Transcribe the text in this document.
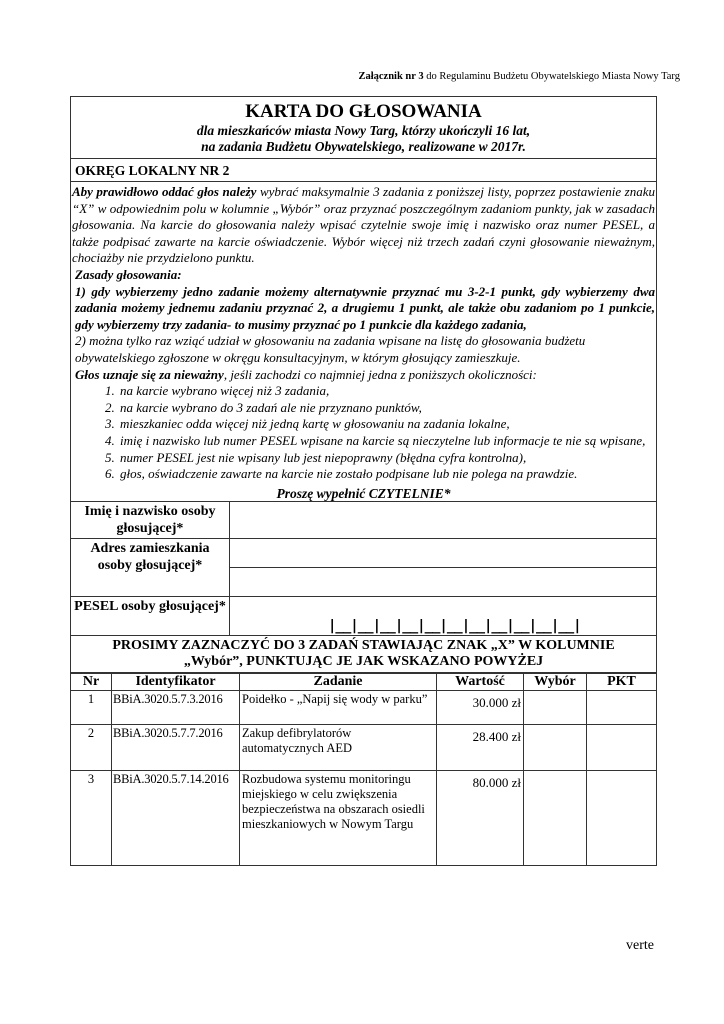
Załącznik nr 3 do Regulaminu Budżetu Obywatelskiego Miasta Nowy Targ
KARTA DO GŁOSOWANIA
dla mieszkańców miasta Nowy Targ, którzy ukończyli 16 lat,
na zadania Budżetu Obywatelskiego, realizowane w 2017r.
OKRĘG LOKALNY NR 2
Aby prawidłowo oddać głos należy wybrać maksymalnie 3 zadania z poniższej listy, poprzez postawienie znaku “X” w odpowiednim polu w kolumnie „Wybór” oraz przyznać poszczególnym zadaniom punkty, jak w zasadach głosowania. Na karcie do głosowania należy wpisać czytelnie swoje imię i nazwisko oraz numer PESEL, a także podpisać zawarte na karcie oświadczenie. Wybór więcej niż trzech zadań czyni głosowanie nieważnym, chociażby nie przydzielono punktu.
Zasady głosowania:
1) gdy wybierzemy jedno zadanie możemy alternatywnie przyznać mu 3-2-1 punkt, gdy wybierzemy dwa zadania możemy jednemu zadaniu przyznać 2, a drugiemu 1 punkt, ale także obu zadaniom po 1 punkcie, gdy wybierzemy trzy zadania- to musimy przyznać po 1 punkcie dla każdego zadania,
2) można tylko raz wziąć udział w głosowaniu na zadania wpisane na listę do głosowania budżetu obywatelskiego zgłoszone w okręgu konsultacyjnym, w którym głosujący zamieszkuje.
Głos uznaje się za nieważny, jeśli zachodzi co najmniej jedna z poniższych okoliczności:
1. na karcie wybrano więcej niż 3 zadania,
2. na karcie wybrano do 3 zadań ale nie przyznano punktów,
3. mieszkaniec odda więcej niż jedną kartę w głosowaniu na zadania lokalne,
4. imię i nazwisko lub numer PESEL wpisane na karcie są nieczytelne lub informacje te nie są wpisane,
5. numer PESEL jest nie wpisany lub jest niepoprawny (błędna cyfra kontrolna),
6. głos, oświadczenie zawarte na karcie nie zostało podpisane lub nie polega na prawdzie.
Proszę wypełnić CZYTELNIE*
Imię i nazwisko osoby głosującej*	
Adres zamieszkania osoby głosującej*	

PESEL osoby głosującej*	|__|__|__|__|__|__|__|__|__|__|__|
PROSIMY ZAZNACZYĆ DO 3 ZADAŃ STAWIAJĄC ZNAK „X” W KOLUMNIE
„Wybór”, PUNKTUJĄC JE JAK WSKAZANO POWYŻEJ
Nr	Identyfikator	Zadanie	Wartość	Wybór	PKT
1	BBiA.3020.5.7.3.2016	Poidełko - „Napij się wody w parku”	30.000 zł		
2	BBiA.3020.5.7.7.2016	Zakup defibrylatorów automatycznych AED	28.400 zł		
3	BBiA.3020.5.7.14.2016	Rozbudowa systemu monitoringu miejskiego w celu zwiększenia bezpieczeństwa na obszarach osiedli mieszkaniowych w Nowym Targu	80.000 zł		
verte
